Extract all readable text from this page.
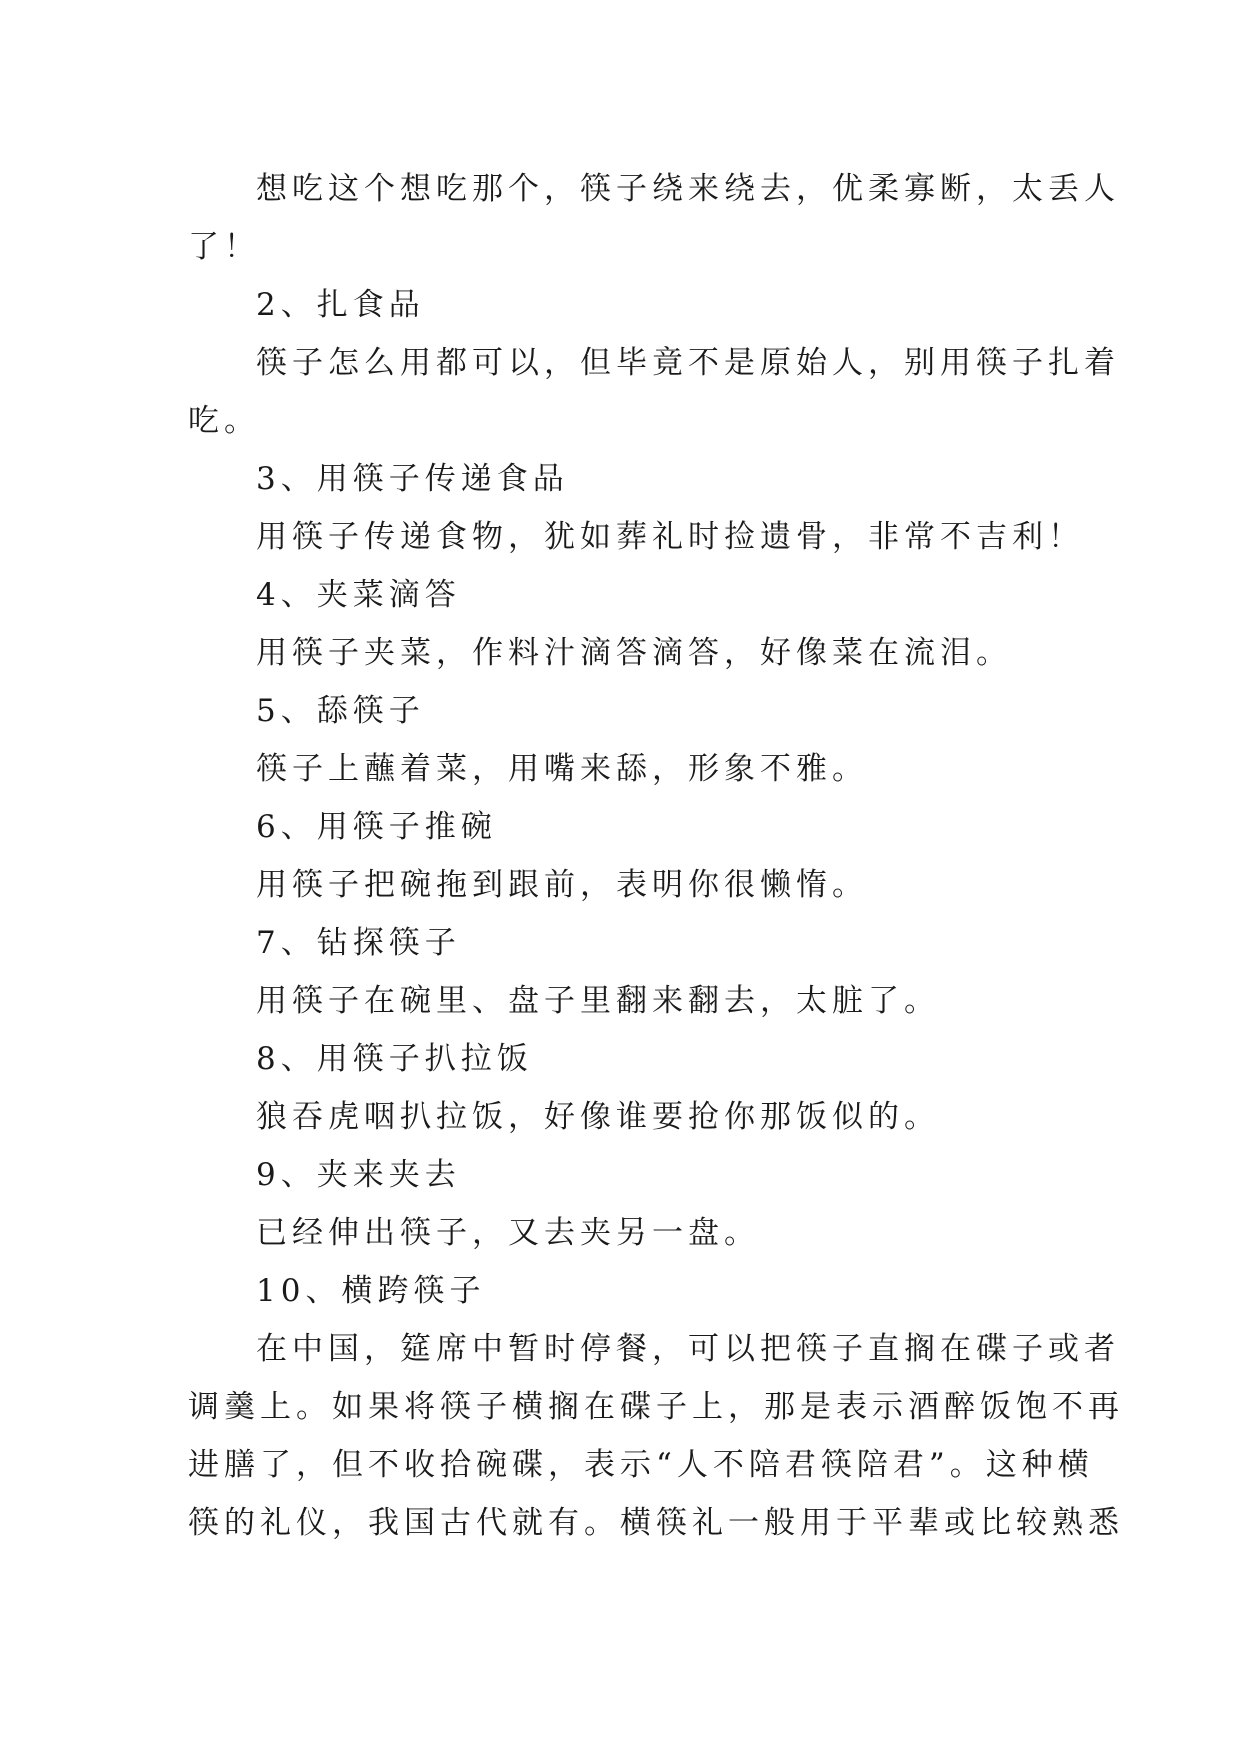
想吃这个想吃那个，筷子绕来绕去，优柔寡断，太丢人
了！
2、扎食品
筷子怎么用都可以，但毕竟不是原始人，别用筷子扎着
吃。
3、用筷子传递食品
用筷子传递食物，犹如葬礼时捡遗骨，非常不吉利！
4、夹菜滴答
用筷子夹菜，作料汁滴答滴答，好像菜在流泪。
5、舔筷子
筷子上蘸着菜，用嘴来舔，形象不雅。
6、用筷子推碗
用筷子把碗拖到跟前，表明你很懒惰。
7、钻探筷子
用筷子在碗里、盘子里翻来翻去，太脏了。
8、用筷子扒拉饭
狼吞虎咽扒拉饭，好像谁要抢你那饭似的。
9、夹来夹去
已经伸出筷子，又去夹另一盘。
10、横跨筷子
在中国，筵席中暂时停餐，可以把筷子直搁在碟子或者
调羹上。如果将筷子横搁在碟子上，那是表示酒醉饭饱不再
进膳了，但不收拾碗碟，表示“人不陪君筷陪君”。这种横
筷的礼仪，我国古代就有。横筷礼一般用于平辈或比较熟悉
